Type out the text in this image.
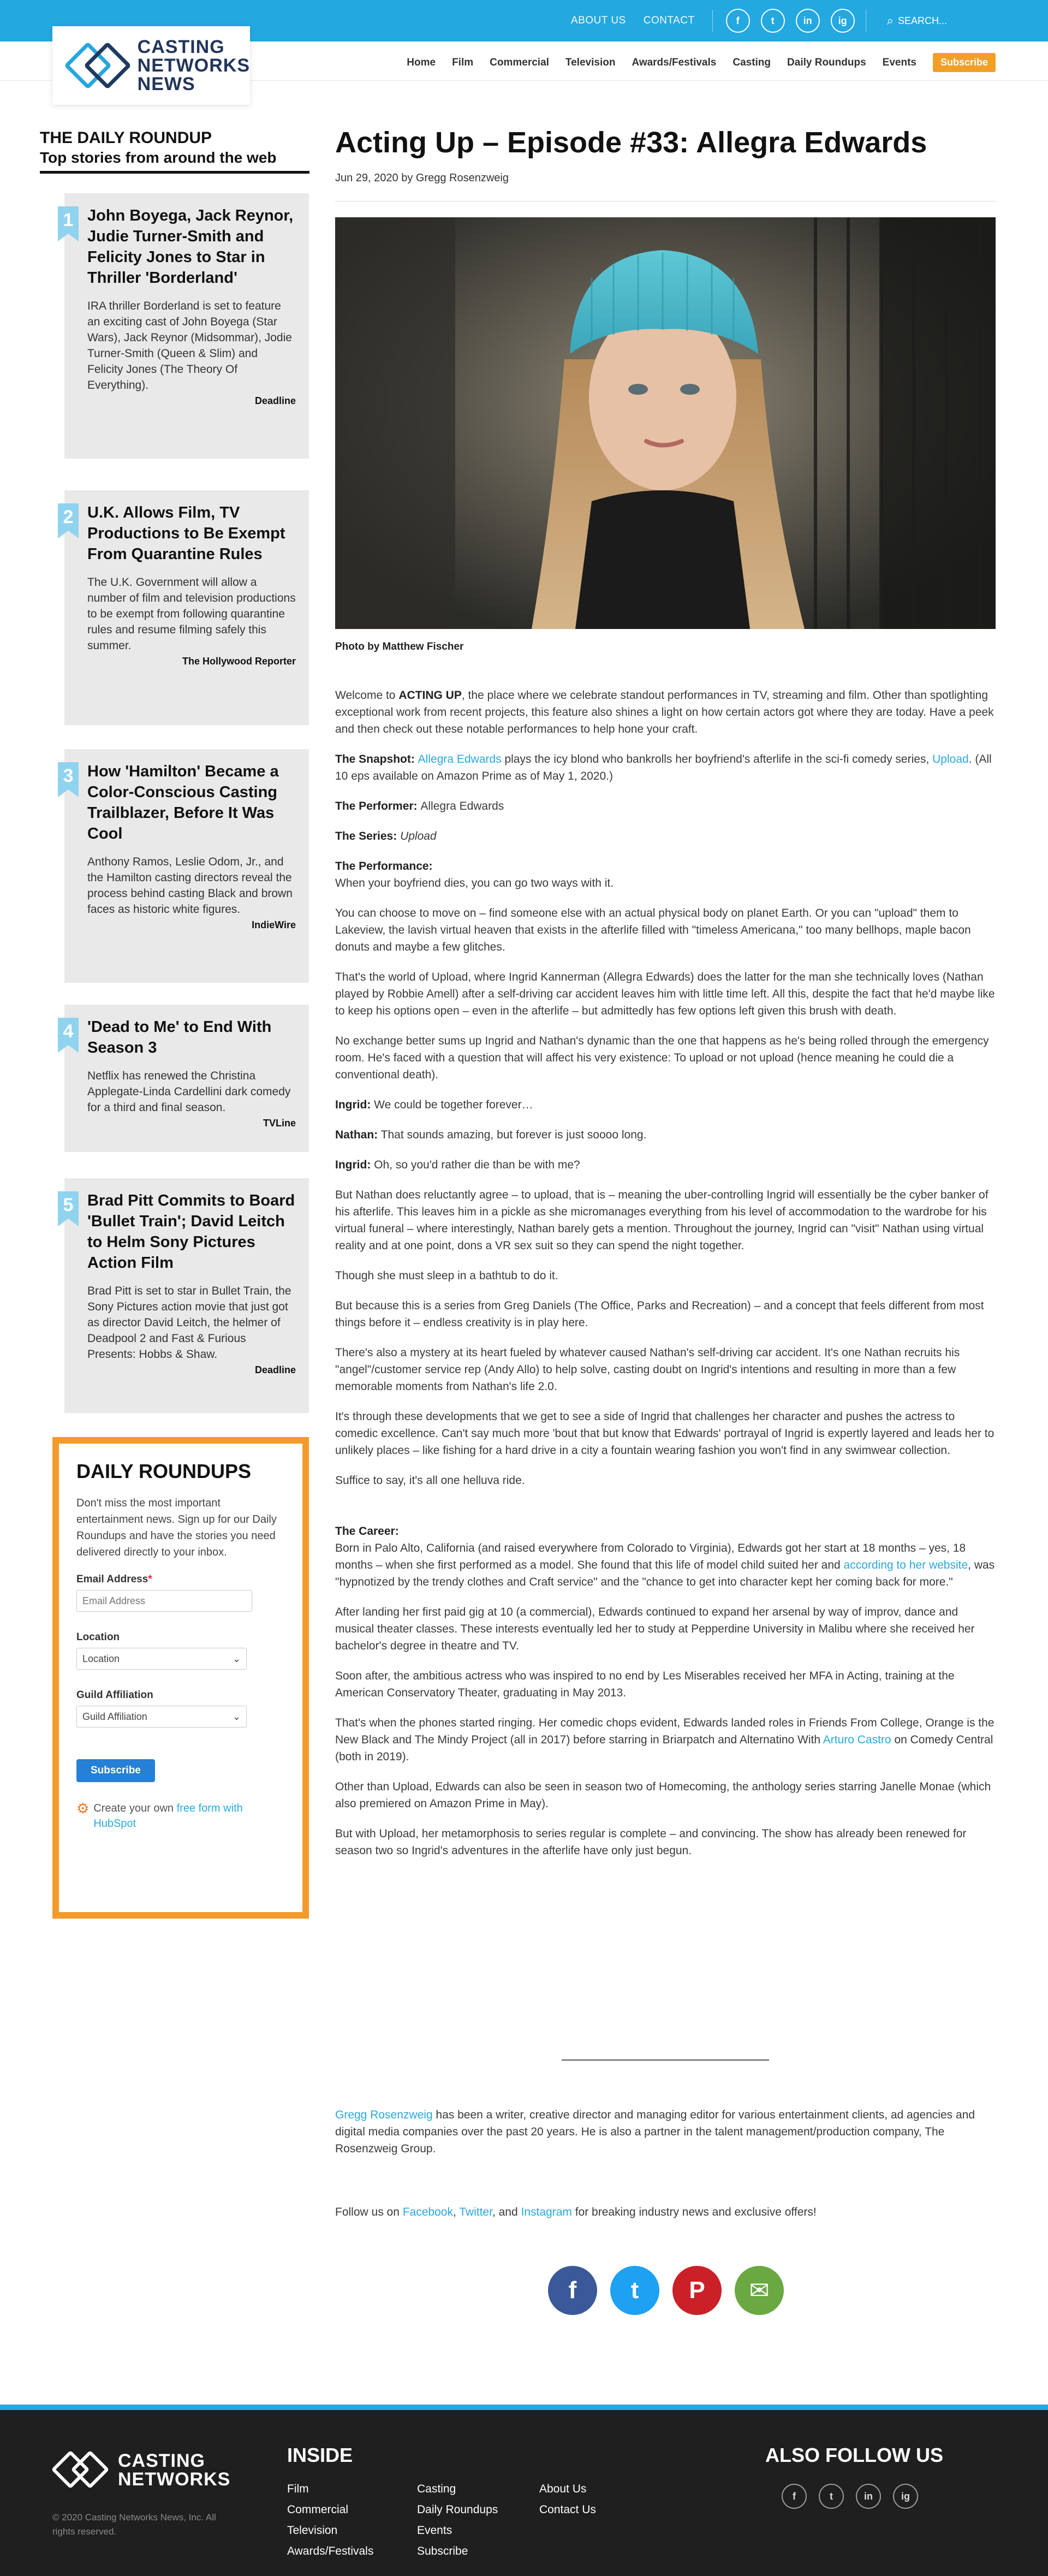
ABOUT US CONTACT	f	t	in	ig	⌕ SEARCH...
CASTING
NETWORKS
NEWS
Home Film Commercial Television Awards/Festivals Casting Daily Roundups Events	Subscribe
THE DAILY ROUNDUP
Top stories from around the web
1 John Boyega, Jack Reynor, Judie Turner-Smith and Felicity Jones to Star in Thriller 'Borderland'

IRA thriller Borderland is set to feature an exciting cast of John Boyega (Star Wars), Jack Reynor (Midsommar), Jodie Turner-Smith (Queen & Slim) and Felicity Jones (The Theory Of Everything).

Deadline
2 U.K. Allows Film, TV Productions to Be Exempt From Quarantine Rules

The U.K. Government will allow a number of film and television productions to be exempt from following quarantine rules and resume filming safely this summer.

The Hollywood Reporter
3 How 'Hamilton' Became a Color-Conscious Casting Trailblazer, Before It Was Cool

Anthony Ramos, Leslie Odom, Jr., and the Hamilton casting directors reveal the process behind casting Black and brown faces as historic white figures.

IndieWire
4 'Dead to Me' to End With Season 3

Netflix has renewed the Christina Applegate-Linda Cardellini dark comedy for a third and final season.

TVLine
5 Brad Pitt Commits to Board 'Bullet Train'; David Leitch to Helm Sony Pictures Action Film

Brad Pitt is set to star in Bullet Train, the Sony Pictures action movie that just got as director David Leitch, the helmer of Deadpool 2 and Fast & Furious Presents: Hobbs & Shaw.

Deadline
DAILY ROUNDUPS

Don't miss the most important entertainment news. Sign up for our Daily Roundups and have the stories you need delivered directly to your inbox.

Email Address*
Email Address
Location
Location	⌄
Guild Affiliation
Guild Affiliation	⌄
Subscribe
⚙ Create your own free form with HubSpot
Acting Up – Episode #33: Allegra Edwards
Jun 29, 2020 by Gregg Rosenzweig
Photo by Matthew Fischer

Welcome to ACTING UP, the place where we celebrate standout performances in TV, streaming and film. Other than spotlighting exceptional work from recent projects, this feature also shines a light on how certain actors got where they are today. Have a peek and then check out these notable performances to help hone your craft.

The Snapshot: Allegra Edwards plays the icy blond who bankrolls her boyfriend's afterlife in the sci-fi comedy series, Upload. (All 10 eps available on Amazon Prime as of May 1, 2020.)

The Performer: Allegra Edwards

The Series: Upload

The Performance:

When your boyfriend dies, you can go two ways with it.

You can choose to move on – find someone else with an actual physical body on planet Earth. Or you can "upload" them to Lakeview, the lavish virtual heaven that exists in the afterlife filled with "timeless Americana," too many bellhops, maple bacon donuts and maybe a few glitches.

That's the world of Upload, where Ingrid Kannerman (Allegra Edwards) does the latter for the man she technically loves (Nathan played by Robbie Amell) after a self-driving car accident leaves him with little time left. All this, despite the fact that he'd maybe like to keep his options open – even in the afterlife – but admittedly has few options left given this brush with death.

No exchange better sums up Ingrid and Nathan's dynamic than the one that happens as he's being rolled through the emergency room. He's faced with a question that will affect his very existence: To upload or not upload (hence meaning he could die a conventional death).

Ingrid: We could be together forever…

Nathan: That sounds amazing, but forever is just soooo long.

Ingrid: Oh, so you'd rather die than be with me?

But Nathan does reluctantly agree – to upload, that is – meaning the uber-controlling Ingrid will essentially be the cyber banker of his afterlife. This leaves him in a pickle as she micromanages everything from his level of accommodation to the wardrobe for his virtual funeral – where interestingly, Nathan barely gets a mention. Throughout the journey, Ingrid can "visit" Nathan using virtual reality and at one point, dons a VR sex suit so they can spend the night together.

Though she must sleep in a bathtub to do it.

But because this is a series from Greg Daniels (The Office, Parks and Recreation) – and a concept that feels different from most things before it – endless creativity is in play here.

There's also a mystery at its heart fueled by whatever caused Nathan's self-driving car accident. It's one Nathan recruits his "angel"/customer service rep (Andy Allo) to help solve, casting doubt on Ingrid's intentions and resulting in more than a few memorable moments from Nathan's life 2.0.

It's through these developments that we get to see a side of Ingrid that challenges her character and pushes the actress to comedic excellence. Can't say much more 'bout that but know that Edwards' portrayal of Ingrid is expertly layered and leads her to unlikely places – like fishing for a hard drive in a city a fountain wearing fashion you won't find in any swimwear collection.

Suffice to say, it's all one helluva ride.

The Career:

Born in Palo Alto, California (and raised everywhere from Colorado to Virginia), Edwards got her start at 18 months – yes, 18 months – when she first performed as a model. She found that this life of model child suited her and according to her website, was "hypnotized by the trendy clothes and Craft service" and the "chance to get into character kept her coming back for more."

After landing her first paid gig at 10 (a commercial), Edwards continued to expand her arsenal by way of improv, dance and musical theater classes. These interests eventually led her to study at Pepperdine University in Malibu where she received her bachelor's degree in theatre and TV.

Soon after, the ambitious actress who was inspired to no end by Les Miserables received her MFA in Acting, training at the American Conservatory Theater, graduating in May 2013.

That's when the phones started ringing. Her comedic chops evident, Edwards landed roles in Friends From College, Orange is the New Black and The Mindy Project (all in 2017) before starring in Briarpatch and Alternatino With Arturo Castro on Comedy Central (both in 2019).

Other than Upload, Edwards can also be seen in season two of Homecoming, the anthology series starring Janelle Monae (which also premiered on Amazon Prime in May).

But with Upload, her metamorphosis to series regular is complete – and convincing. The show has already been renewed for season two so Ingrid's adventures in the afterlife have only just begun.

Gregg Rosenzweig has been a writer, creative director and managing editor for various entertainment clients, ad agencies and digital media companies over the past 20 years. He is also a partner in the talent management/production company, The Rosenzweig Group.
Follow us on Facebook, Twitter, and Instagram for breaking industry news and exclusive offers!
f	t	P	✉
CASTING
NETWORKS
© 2020 Casting Networks News, Inc. All rights reserved.
INSIDE
Film
Commercial
Television
Awards/Festivals
Casting
Daily Roundups
Events
Subscribe
About Us
Contact Us
ALSO FOLLOW US
f	t	in	ig
